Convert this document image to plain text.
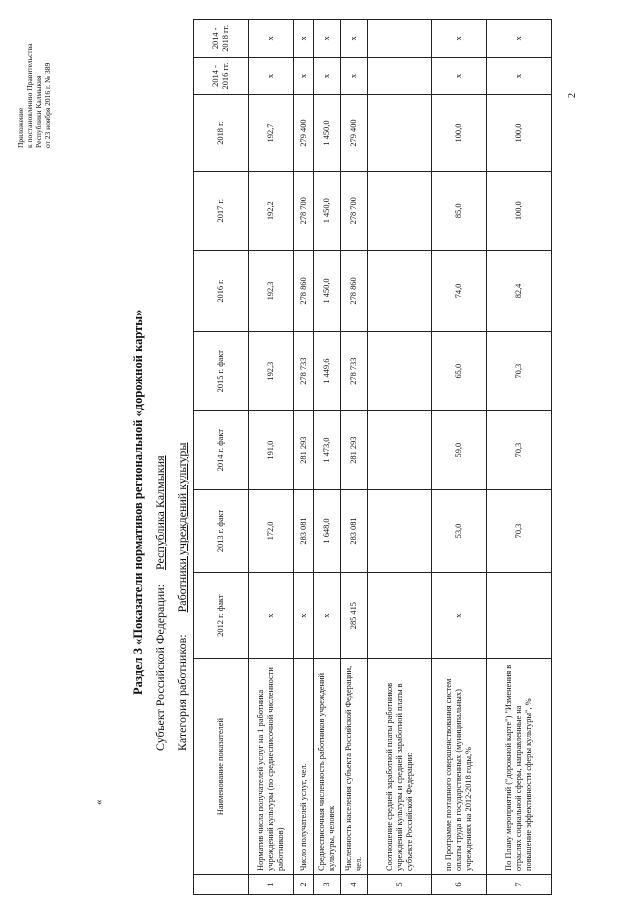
Приложение к постановлению Правительства Республики Калмыкия от 23 ноября 2016 г. № 389
«
2
Раздел 3 «Показатели нормативов региональной «дорожной карты» Субъект Российской Федерации:Республика Калмыкия
Категория работников:Работники учреждений культуры
	Наименование показателей	2012 г. факт	2013 г. факт	2014 г. факт	2015 г. факт	2016 г.	2017 г.	2018 г.	2014 - 2016 гг.	2014 - 2018 гг.
1	Норматив числа получателей услуг на 1 работника учреждений культуры (по среднесписочной численности работников)	х	172,0	191,0	192,3	192,3	192,2	192,7	х	х
2	Число получателей услуг, чел.	х	283 081	281 293	278 733	278 860	278 700	279 400	х	х
3	Среднесписочная численность работников учреждений культуры, человек	х	1 648,0	1 473,0	1 449,6	1 450,0	1 450,0	1 450,0	х	х
4	Численность населения субъекта Российской Федерации, чел.	285 415	283 081	281 293	278 733	278 860	278 700	279 400	х	х
5	Соотношение средней заработной платы работников учреждений культуры и средней заработной платы в субъекте Российской Федерации:									
6	по Программе поэтапного совершенствования систем оплаты труда в государственных (муниципальных) учреждениях на 2012-2018 годы,%	х	53,0	59,0	65,0	74,0	85,0	100,0	х	х
7	По Плану мероприятий ("дорожной карте") "Изменения в отраслях социальной сферы, направленные на повышение эффективности сферы культуры", %		70,3	70,3	70,3	82,4	100,0	100,0	х	х
